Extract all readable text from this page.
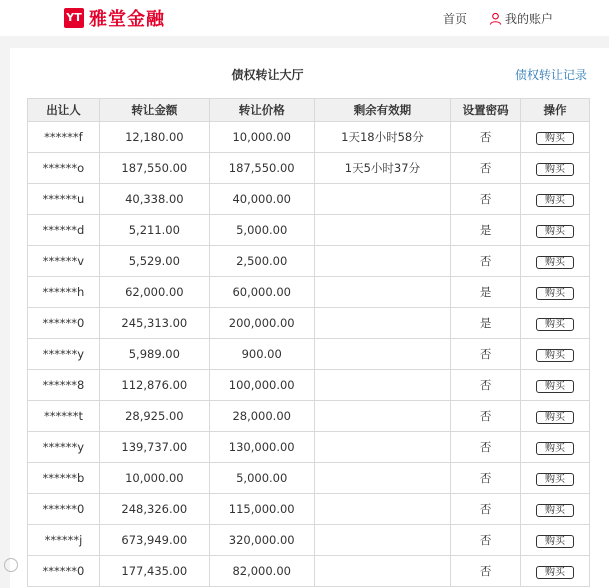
YT 雅堂金融	首页	我的账户
债权转让大厅	债权转让记录
出让人	转让金额	转让价格	剩余有效期	设置密码	操作
******f	12,180.00	10,000.00	1天18小时58分	否	购买
******o	187,550.00	187,550.00	1天5小时37分	否	购买
******u	40,338.00	40,000.00		否	购买
******d	5,211.00	5,000.00		是	购买
******v	5,529.00	2,500.00		否	购买
******h	62,000.00	60,000.00		是	购买
******0	245,313.00	200,000.00		是	购买
******y	5,989.00	900.00		否	购买
******8	112,876.00	100,000.00		否	购买
******t	28,925.00	28,000.00		否	购买
******y	139,737.00	130,000.00		否	购买
******b	10,000.00	5,000.00		否	购买
******0	248,326.00	115,000.00		否	购买
******j	673,949.00	320,000.00		否	购买
******0	177,435.00	82,000.00		否	购买
